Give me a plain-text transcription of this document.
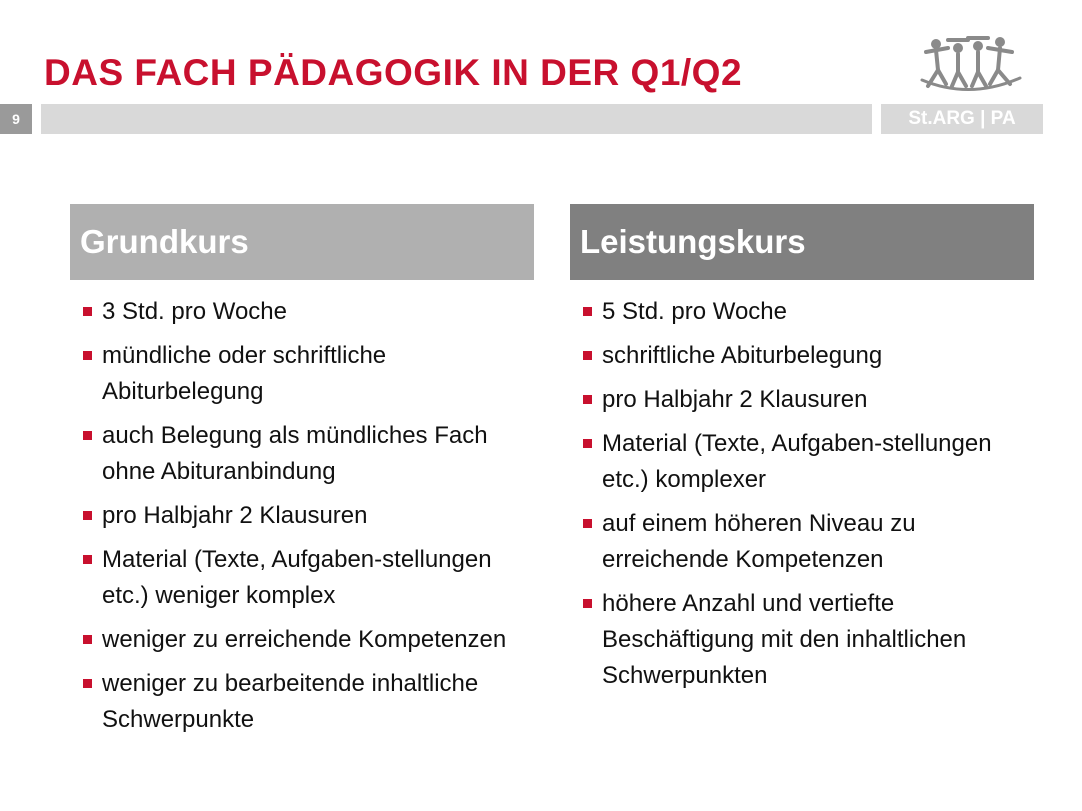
DAS FACH PÄDAGOGIK IN DER Q1/Q2
9	St.ARG | PA
Grundkurs
3 Std. pro Woche
mündliche oder schriftliche Abiturbelegung
auch Belegung als mündliches Fach ohne Abituranbindung
pro Halbjahr 2 Klausuren
Material (Texte, Aufgaben-stellungen etc.) weniger komplex
weniger zu erreichende Kompetenzen
weniger zu bearbeitende inhaltliche Schwerpunkte
Leistungskurs
5 Std. pro Woche
schriftliche Abiturbelegung
pro Halbjahr 2 Klausuren
Material (Texte, Aufgaben-stellungen etc.) komplexer
auf einem höheren Niveau zu erreichende Kompetenzen
höhere Anzahl und vertiefte Beschäftigung mit den inhaltlichen Schwerpunkten
